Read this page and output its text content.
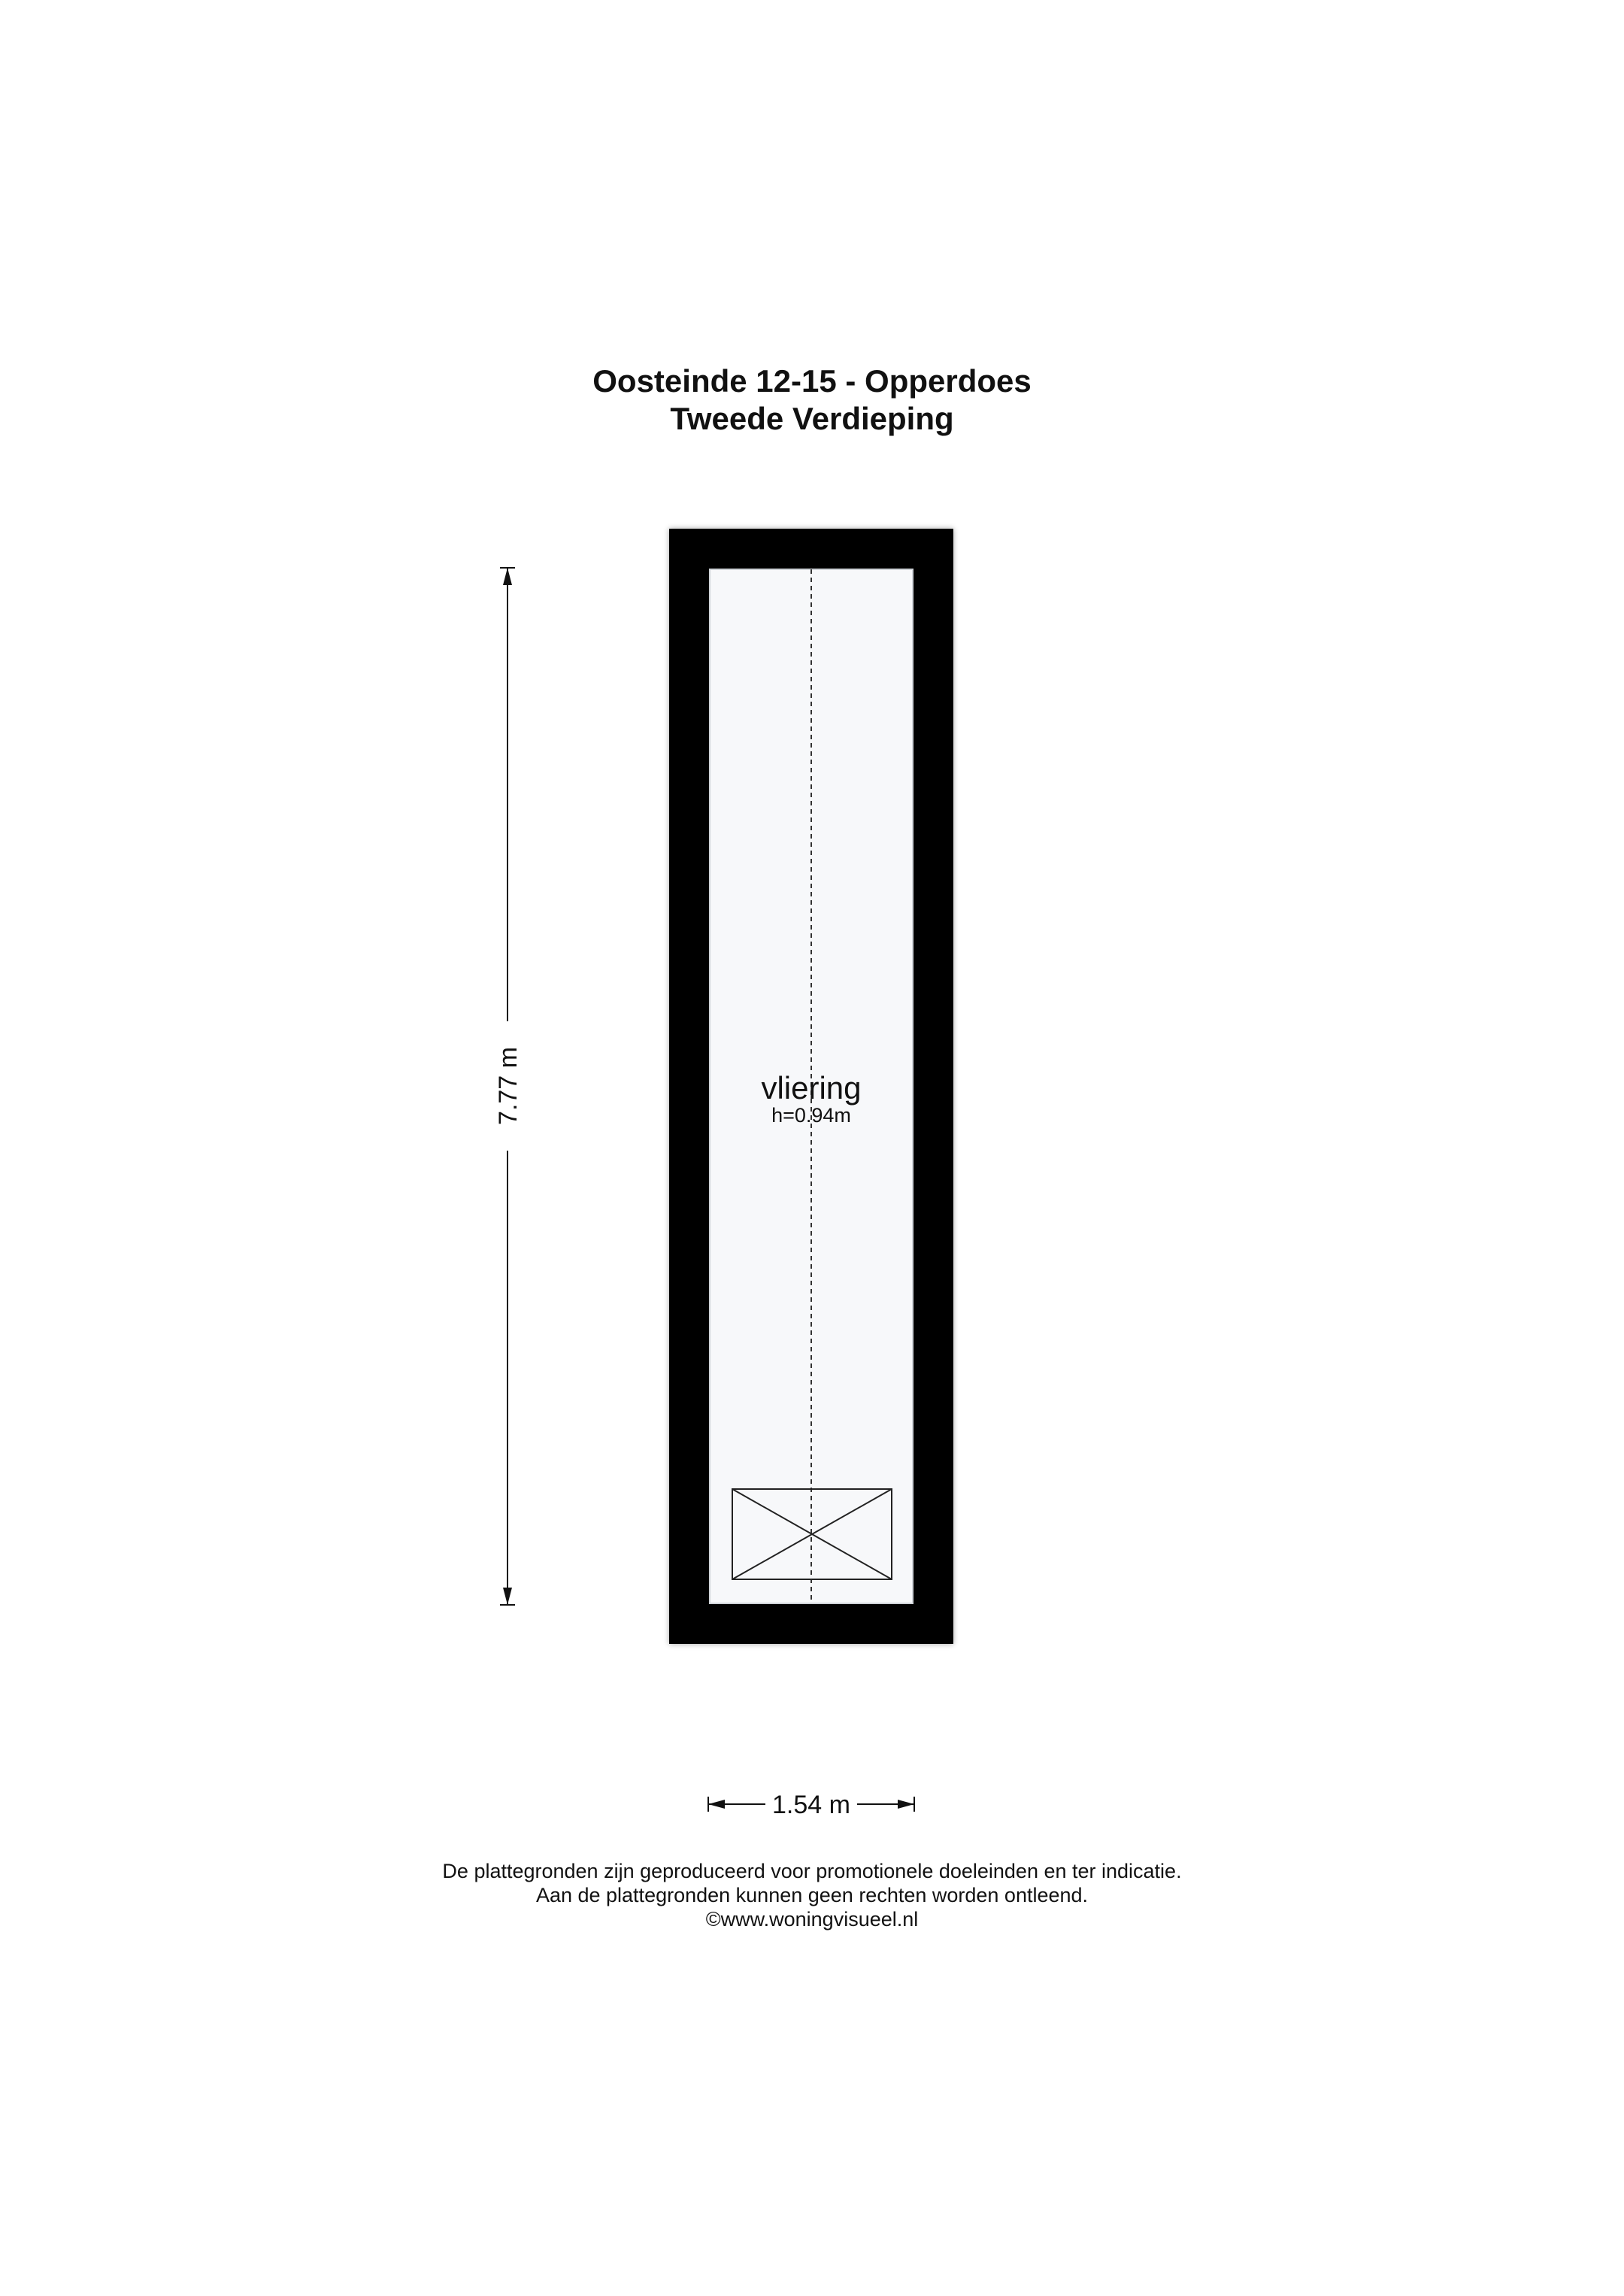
Oosteinde 12-15 - Opperdoes
Tweede Verdieping
vliering
h=0.94m
7.77 m
1.54 m
De plattegronden zijn geproduceerd voor promotionele doeleinden en ter indicatie.
Aan de plattegronden kunnen geen rechten worden ontleend.
©www.woningvisueel.nl
